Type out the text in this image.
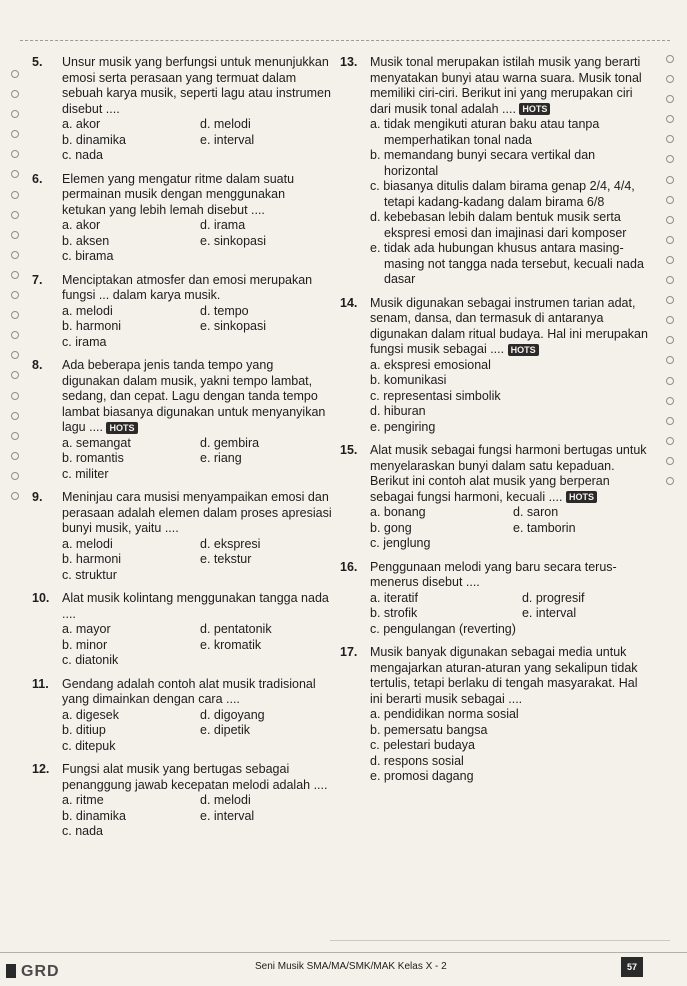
5.	Unsur musik yang berfungsi untuk menunjukkan emosi serta perasaan yang termuat dalam sebuah karya musik, seperti lagu atau instrumen disebut ....
a. akor	d. melodi
b. dinamika	e. interval
c. nada
6.	Elemen yang mengatur ritme dalam suatu permainan musik dengan menggunakan ketukan yang lebih lemah disebut ....
a. akor	d. irama
b. aksen	e. sinkopasi
c. birama
7.	Menciptakan atmosfer dan emosi merupakan fungsi ... dalam karya musik.
a. melodi	d. tempo
b. harmoni	e. sinkopasi
c. irama
8.	Ada beberapa jenis tanda tempo yang digunakan dalam musik, yakni tempo lambat, sedang, dan cepat. Lagu dengan tanda tempo lambat biasanya digunakan untuk menyanyikan lagu .... HOTS
a. semangat	d. gembira
b. romantis	e. riang
c. militer
9.	Meninjau cara musisi menyampaikan emosi dan perasaan adalah elemen dalam proses apresiasi bunyi musik, yaitu ....
a. melodi	d. ekspresi
b. harmoni	e. tekstur
c. struktur
10.	Alat musik kolintang menggunakan tangga nada ....
a. mayor	d. pentatonik
b. minor	e. kromatik
c. diatonik
11.	Gendang adalah contoh alat musik tradisional yang dimainkan dengan cara ....
a. digesek	d. digoyang
b. ditiup	e. dipetik
c. ditepuk
12.	Fungsi alat musik yang bertugas sebagai penanggung jawab kecepatan melodi adalah ....
a. ritme	d. melodi
b. dinamika	e. interval
c. nada
13.	Musik tonal merupakan istilah musik yang berarti menyatakan bunyi atau warna suara. Musik tonal memiliki ciri-ciri. Berikut ini yang merupakan ciri dari musik tonal adalah .... HOTS
a. tidak mengikuti aturan baku atau tanpa memperhatikan tonal nada
b. memandang bunyi secara vertikal dan horizontal
c. biasanya ditulis dalam birama genap 2/4, 4/4, tetapi kadang-kadang dalam birama 6/8
d. kebebasan lebih dalam bentuk musik serta ekspresi emosi dan imajinasi dari komposer
e. tidak ada hubungan khusus antara masing-masing not tangga nada tersebut, kecuali nada dasar
14.	Musik digunakan sebagai instrumen tarian adat, senam, dansa, dan termasuk di antaranya digunakan dalam ritual budaya. Hal ini merupakan fungsi musik sebagai .... HOTS
a. ekspresi emosional
b. komunikasi
c. representasi simbolik
d. hiburan
e. pengiring
15.	Alat musik sebagai fungsi harmoni bertugas untuk menyelaraskan bunyi dalam satu kepaduan. Berikut ini contoh alat musik yang berperan sebagai fungsi harmoni, kecuali .... HOTS
a. bonang	d. saron
b. gong	e. tamborin
c. jenglung
16.	Penggunaan melodi yang baru secara terus-menerus disebut ....
a. iteratif	d. progresif
b. strofik	e. interval
c. pengulangan (reverting)
17.	Musik banyak digunakan sebagai media untuk mengajarkan aturan-aturan yang sekalipun tidak tertulis, tetapi berlaku di tengah masyarakat. Hal ini berarti musik sebagai ....
a. pendidikan norma sosial
b. pemersatu bangsa
c. pelestari budaya
d. respons sosial
e. promosi dagang
GRD	Seni Musik SMA/MA/SMK/MAK Kelas X - 2	57
